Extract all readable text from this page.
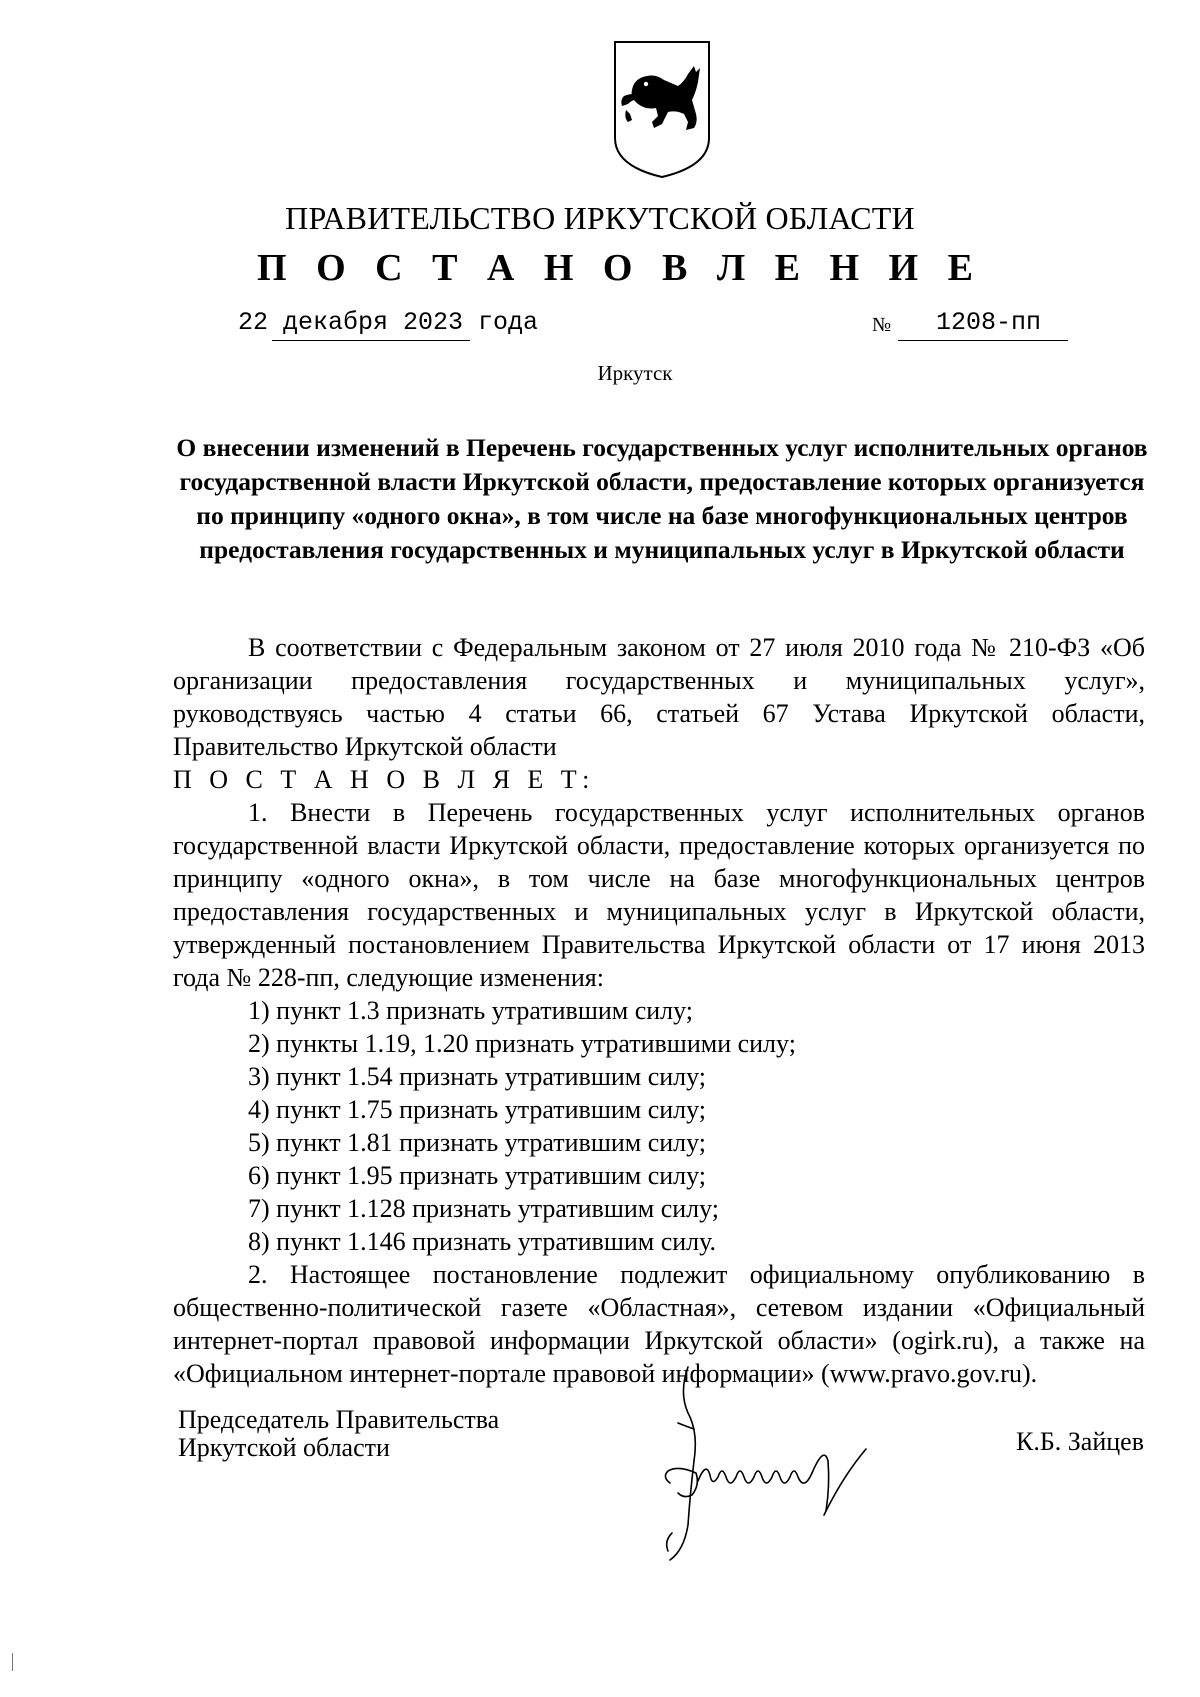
ПРАВИТЕЛЬСТВО ИРКУТСКОЙ ОБЛАСТИ
П О С Т А Н О В Л Е Н И Е
22 декабря 2023 года	№ 1208-пп
Иркутск
О внесении изменений в Перечень государственных услуг исполнительных органов государственной власти Иркутской области, предоставление которых организуется по принципу «одного окна», в том числе на базе многофункциональных центров предоставления государственных и муниципальных услуг в Иркутской области

В соответствии с Федеральным законом от 27 июля 2010 года № 210-ФЗ «Об организации предоставления государственных и муниципальных услуг», руководствуясь частью 4 статьи 66, статьей 67 Устава Иркутской области, Правительство Иркутской области

П О С Т А Н О В Л Я Е Т:

1. Внести в Перечень государственных услуг исполнительных органов государственной власти Иркутской области, предоставление которых организуется по принципу «одного окна», в том числе на базе многофункциональных центров предоставления государственных и муниципальных услуг в Иркутской области, утвержденный постановлением Правительства Иркутской области от 17 июня 2013 года № 228-пп, следующие изменения:

1) пункт 1.3 признать утратившим силу;

2) пункты 1.19, 1.20 признать утратившими силу;

3) пункт 1.54 признать утратившим силу;

4) пункт 1.75 признать утратившим силу;

5) пункт 1.81 признать утратившим силу;

6) пункт 1.95 признать утратившим силу;

7) пункт 1.128 признать утратившим силу;

8) пункт 1.146 признать утратившим силу.

2. Настоящее постановление подлежит официальному опубликованию в общественно-политической газете «Областная», сетевом издании «Официальный интернет-портал правовой информации Иркутской области» (ogirk.ru), а также на «Официальном интернет-портале правовой информации» (www.pravo.gov.ru).

Председатель Правительства
Иркутской области	К.Б. Зайцев
